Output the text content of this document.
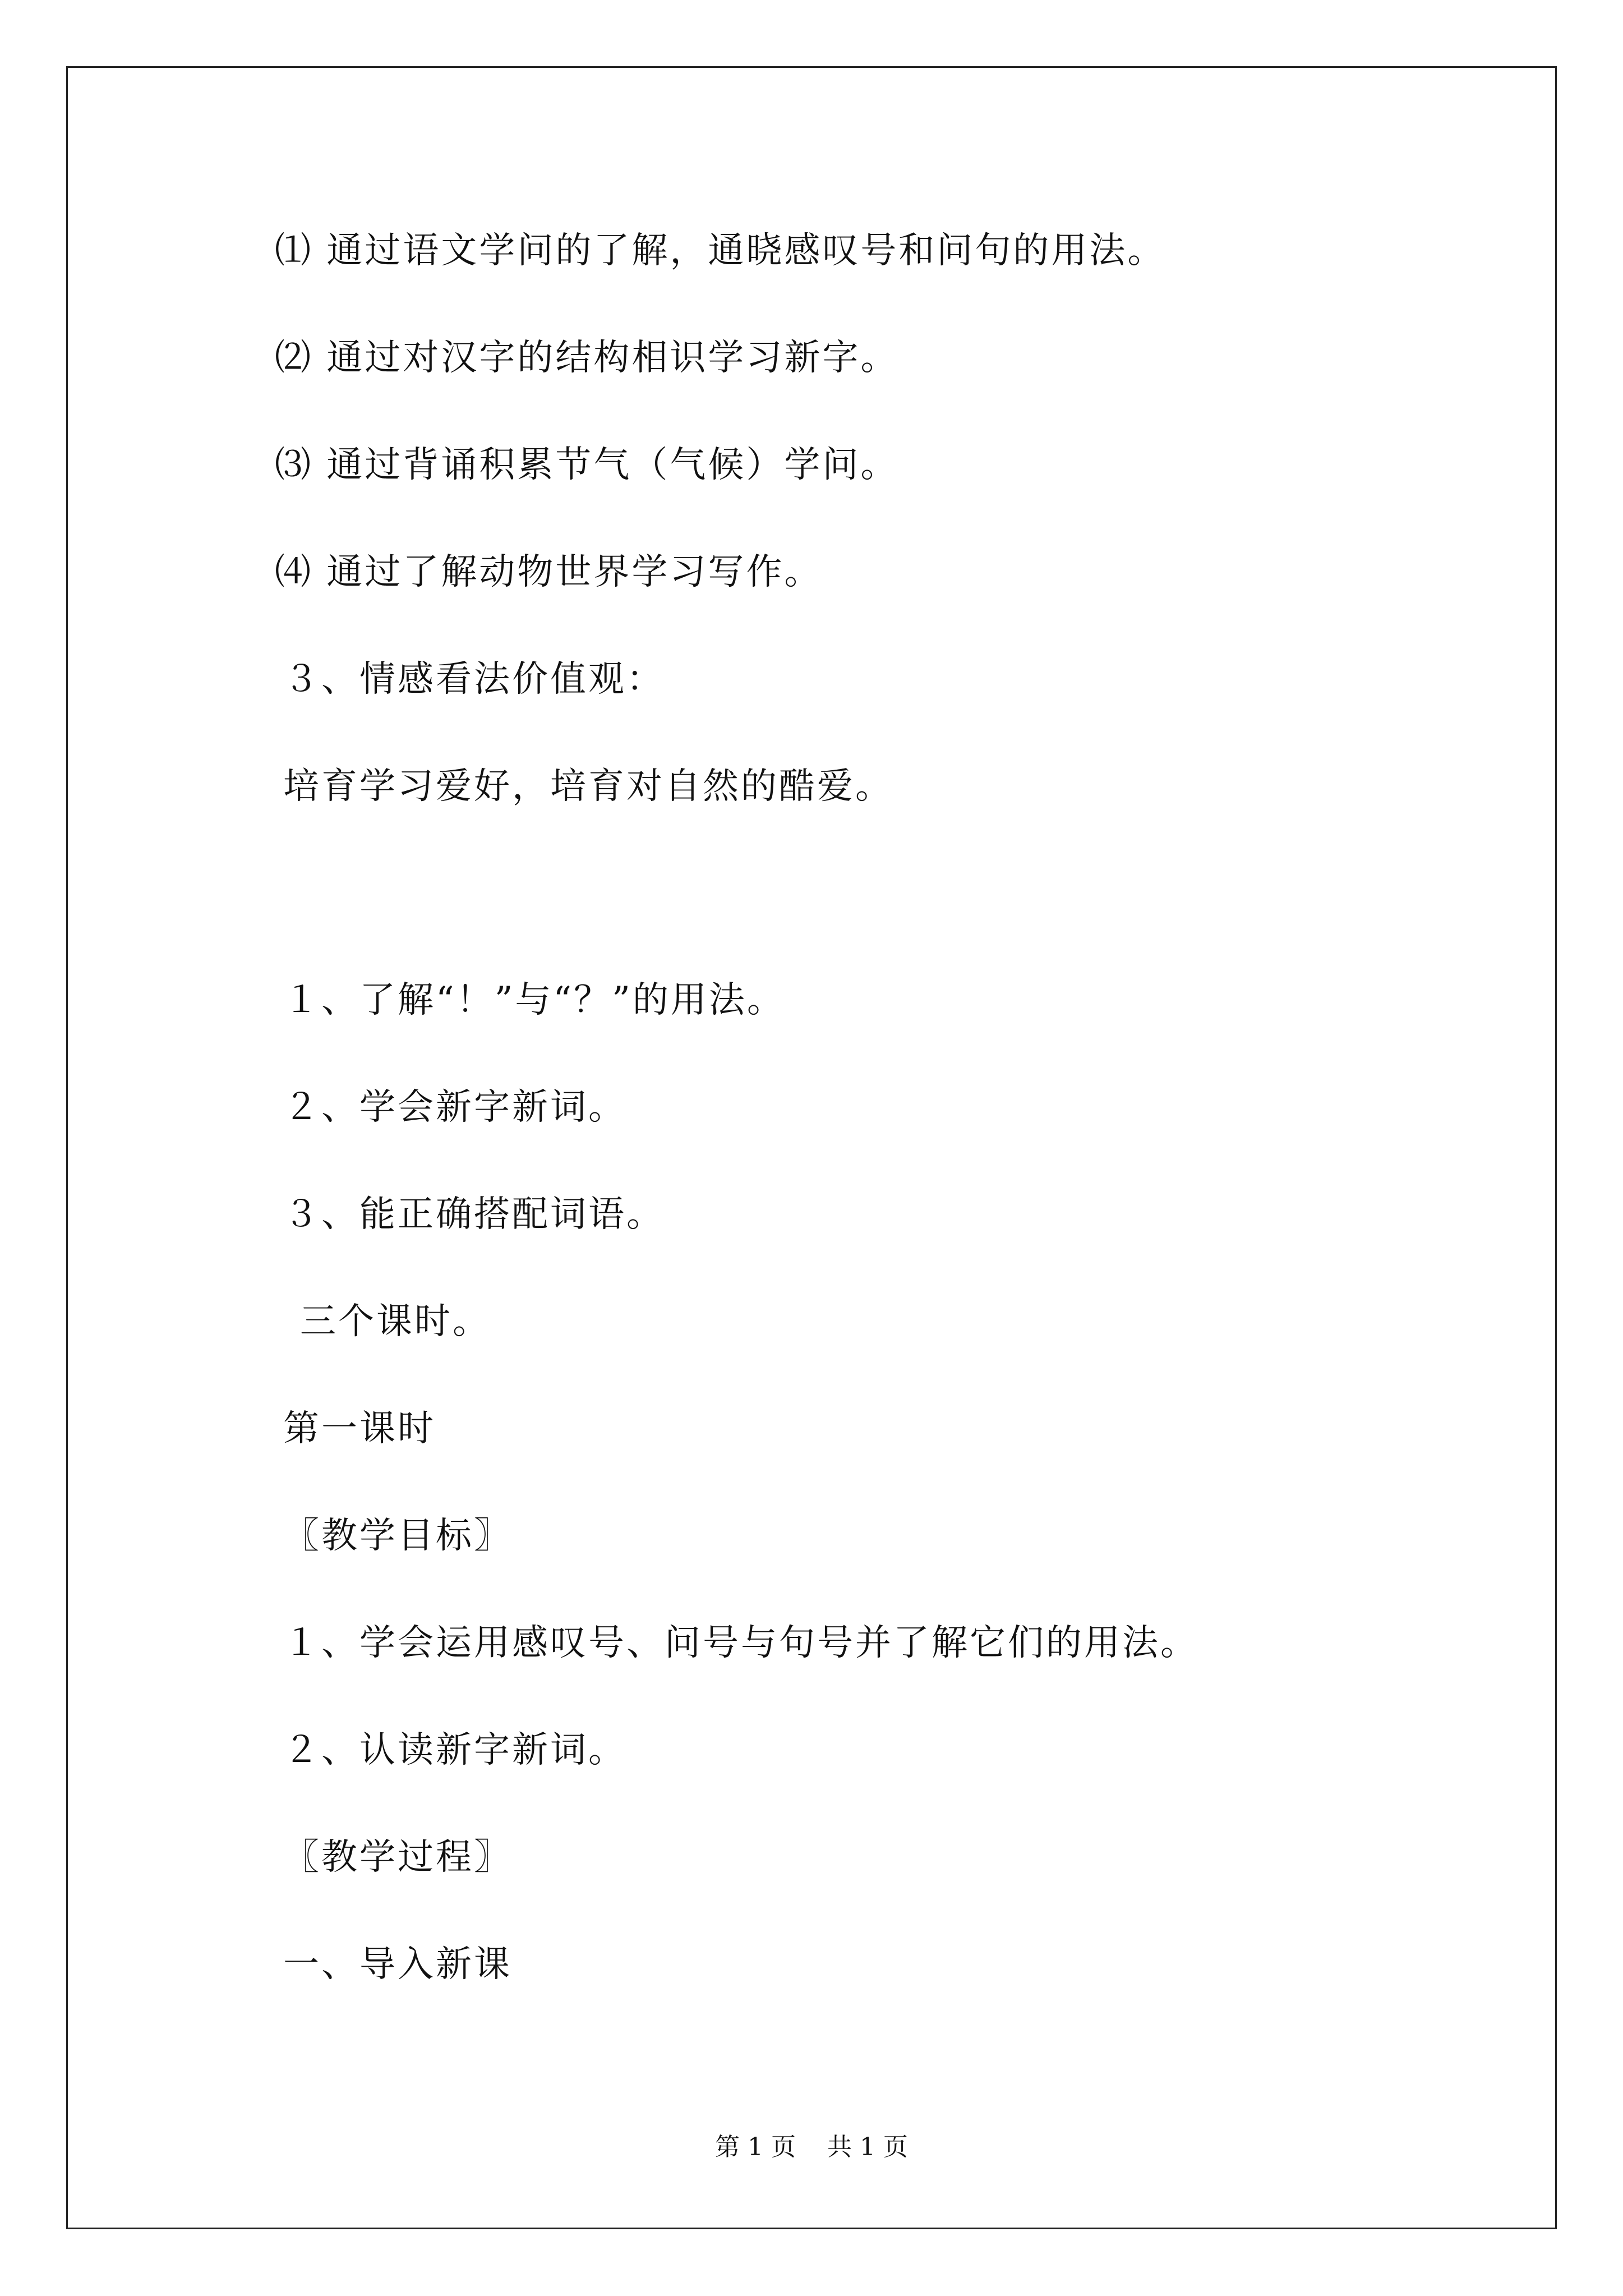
⑴ 通过语文学问的了解，通晓感叹号和问句的用法。
⑵ 通过对汉字的结构相识学习新字。
⑶ 通过背诵积累节气（气候）学问。
⑷ 通过了解动物世界学习写作。
３、情感看法价值观：
培育学习爱好，培育对自然的酷爱。
１、了解“！”与“？”的用法。
２、学会新字新词。
３、能正确搭配词语。
三个课时。
第一课时
〖教学目标〗
１、学会运用感叹号、问号与句号并了解它们的用法。
２、认读新字新词。
〖教学过程〗
一、导入新课
第 1 页    共 1 页
